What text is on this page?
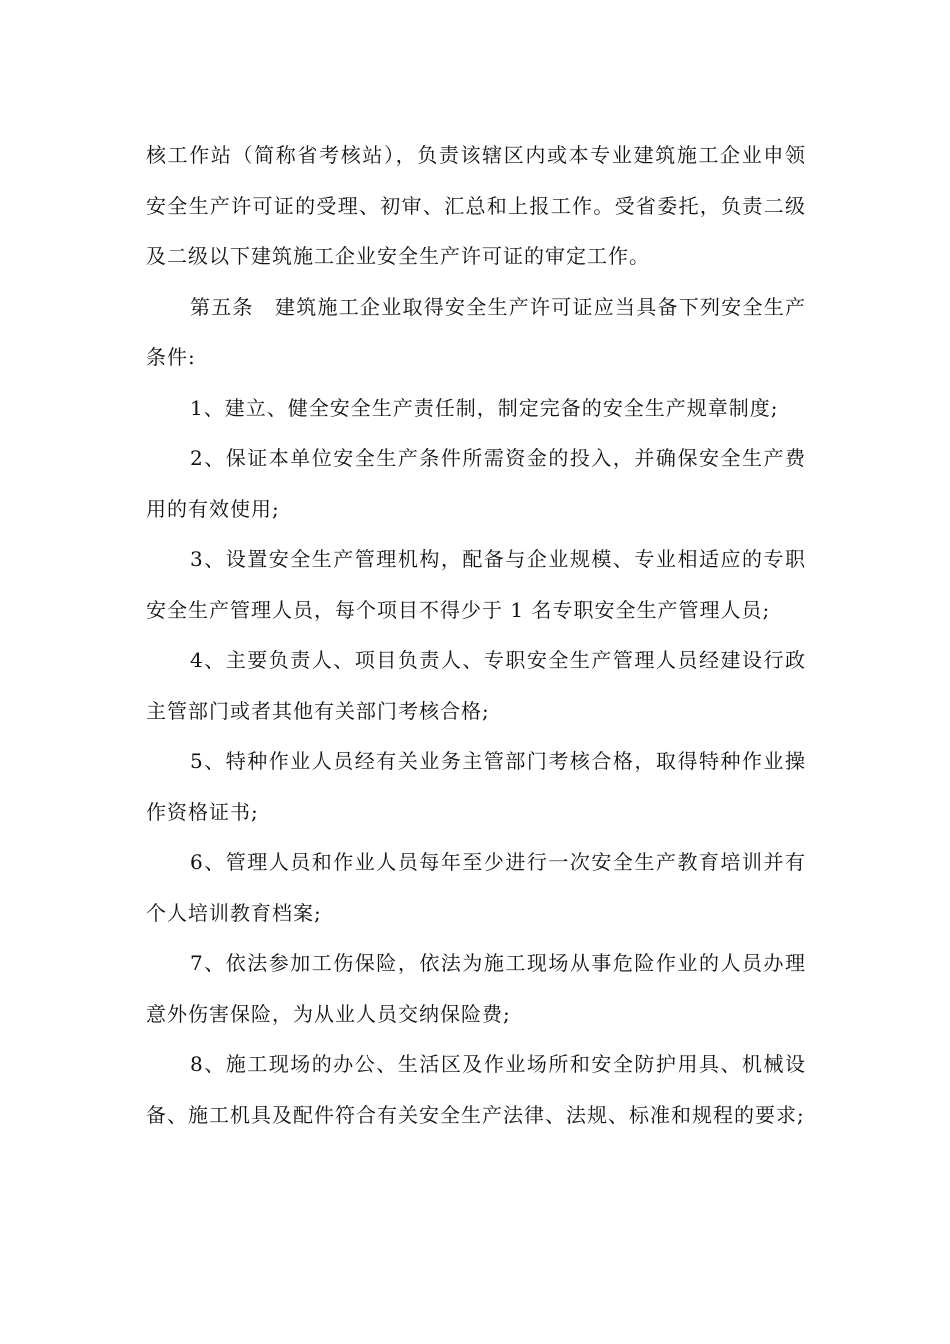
核工作站（简称省考核站），负责该辖区内或本专业建筑施工企业申领安全生产许可证的受理、初审、汇总和上报工作。受省委托，负责二级及二级以下建筑施工企业安全生产许可证的审定工作。

第五条　建筑施工企业取得安全生产许可证应当具备下列安全生产条件:

1、建立、健全安全生产责任制，制定完备的安全生产规章制度;

2、保证本单位安全生产条件所需资金的投入，并确保安全生产费用的有效使用;

3、设置安全生产管理机构，配备与企业规模、专业相适应的专职安全生产管理人员，每个项目不得少于 1 名专职安全生产管理人员;

4、主要负责人、项目负责人、专职安全生产管理人员经建设行政主管部门或者其他有关部门考核合格;

5、特种作业人员经有关业务主管部门考核合格，取得特种作业操作资格证书;

6、管理人员和作业人员每年至少进行一次安全生产教育培训并有个人培训教育档案;

7、依法参加工伤保险，依法为施工现场从事危险作业的人员办理意外伤害保险，为从业人员交纳保险费;

8、施工现场的办公、生活区及作业场所和安全防护用具、机械设备、施工机具及配件符合有关安全生产法律、法规、标准和规程的要求;
